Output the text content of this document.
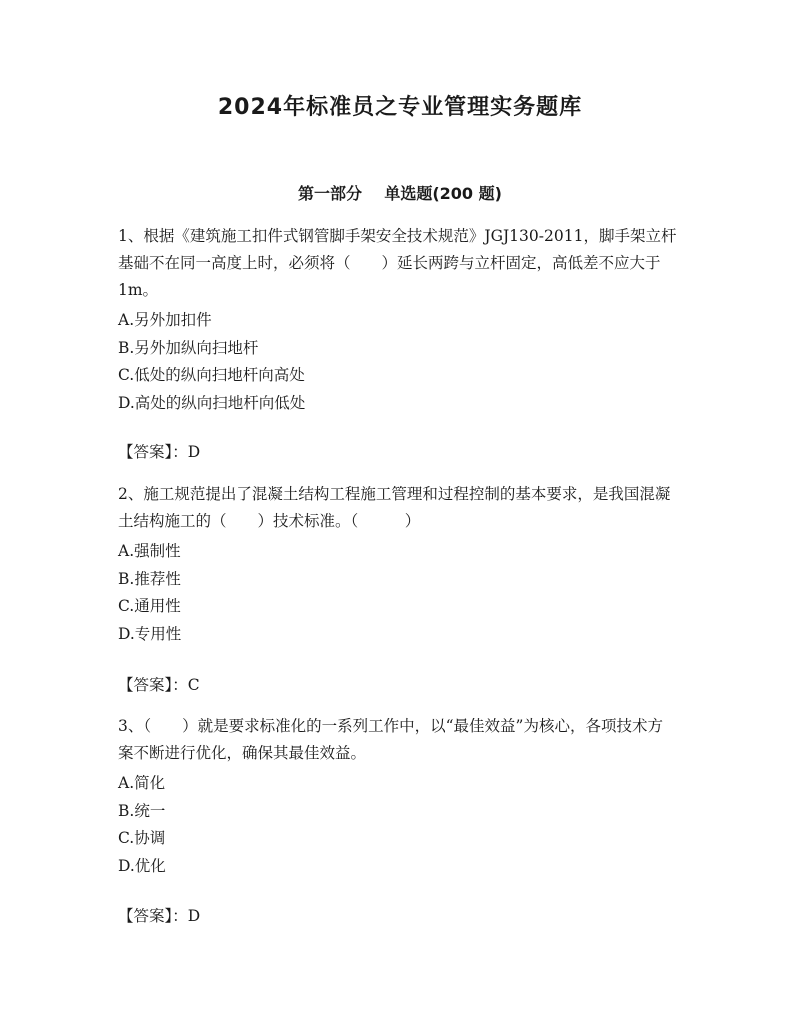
2024年标准员之专业管理实务题库
第一部分    单选题(200 题)

1、根据《建筑施工扣件式钢管脚手架安全技术规范》JGJ130-2011，脚手架立杆基础不在同一高度上时，必须将（　　）延长两跨与立杆固定，高低差不应大于1m。

A.另外加扣件

B.另外加纵向扫地杆

C.低处的纵向扫地杆向高处

D.高处的纵向扫地杆向低处

【答案】：D

2、施工规范提出了混凝土结构工程施工管理和过程控制的基本要求，是我国混凝土结构施工的（　　）技术标准。（　　　）

A.强制性

B.推荐性

C.通用性

D.专用性

【答案】：C

3、（　　）就是要求标准化的一系列工作中，以“最佳效益”为核心，各项技术方案不断进行优化，确保其最佳效益。

A.简化

B.统一

C.协调

D.优化

【答案】：D
